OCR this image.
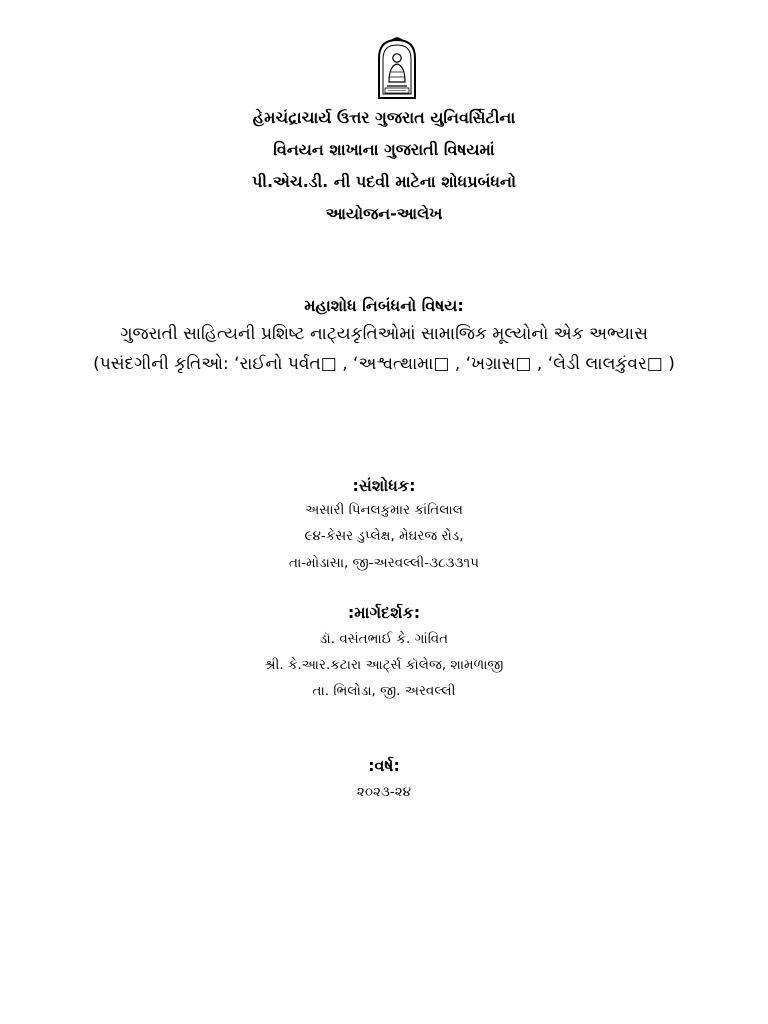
હેમચંદ્રાચાર્ય ઉત્તર ગુજરાત યુનિવર્સિટીના
વિનયન શાખાના ગુજરાતી વિષયમાં
પી.એચ.ડી. ની પદવી માટેના શોધપ્રબંધનો
આયોજન-આલેખ
મહાશોધ નિબંધનો વિષય:
ગુજરાતી સાહિત્યની પ્રશિષ્ટ નાટ્યકૃતિઓમાં સામાજિક મૂલ્યોનો એક અભ્યાસ
(પસંદગીની કૃતિઓ: ‘રાઈનો પર્વત□ , ‘અશ્વત્થામા□ , ‘ખગ્રાસ□ , ‘લેડી લાલકુંવર□ )
:સંશોધક:
અસારી પિનલકુમાર કાંતિલાલ
૯૪-કેસર ડુપ્લેક્ષ, મેઘરજ રોડ,
તા-મોડાસા, જી-અરવલ્લી-૩૮૩૩૧૫
:માર્ગદર્શક:
ડૉ. વસંતભાઈ કે. ગાંવિત
શ્રી. કે.આર.કટારા આર્ટ્સ કૉલેજ, શામળાજી
તા. ભિલોડા, જી. અરવલ્લી
:વર્ષ:
૨૦૨૩-૨૪
